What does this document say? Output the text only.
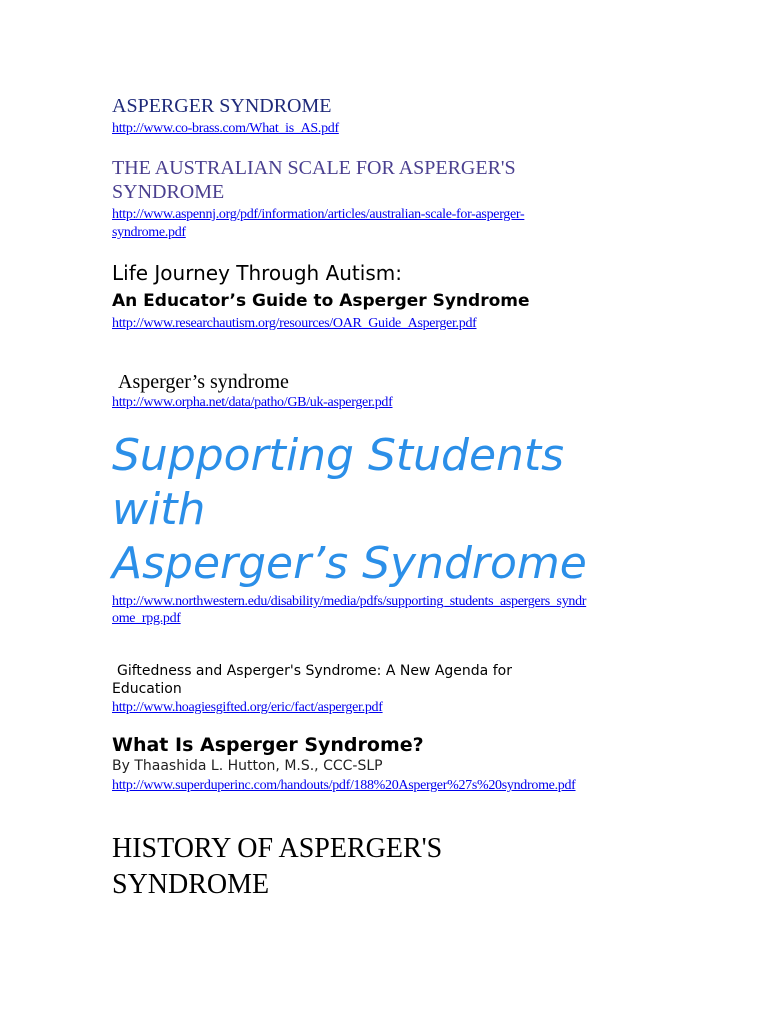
ASPERGER SYNDROME
http://www.co-brass.com/What_is_AS.pdf
THE AUSTRALIAN SCALE FOR ASPERGER'S
SYNDROME
http://www.aspennj.org/pdf/information/articles/australian-scale-for-asperger-
syndrome.pdf
Life Journey Through Autism:
An Educator’s Guide to Asperger Syndrome
http://www.researchautism.org/resources/OAR_Guide_Asperger.pdf
Asperger’s syndrome
http://www.orpha.net/data/patho/GB/uk-asperger.pdf
Supporting Students
with
Asperger’s Syndrome
http://www.northwestern.edu/disability/media/pdfs/supporting_students_aspergers_syndr
ome_rpg.pdf
Giftedness and Asperger's Syndrome: A New Agenda for
Education
http://www.hoagiesgifted.org/eric/fact/asperger.pdf
What Is Asperger Syndrome?
By Thaashida L. Hutton, M.S., CCC-SLP
http://www.superduperinc.com/handouts/pdf/188%20Asperger%27s%20syndrome.pdf
HISTORY OF ASPERGER'S
SYNDROME
